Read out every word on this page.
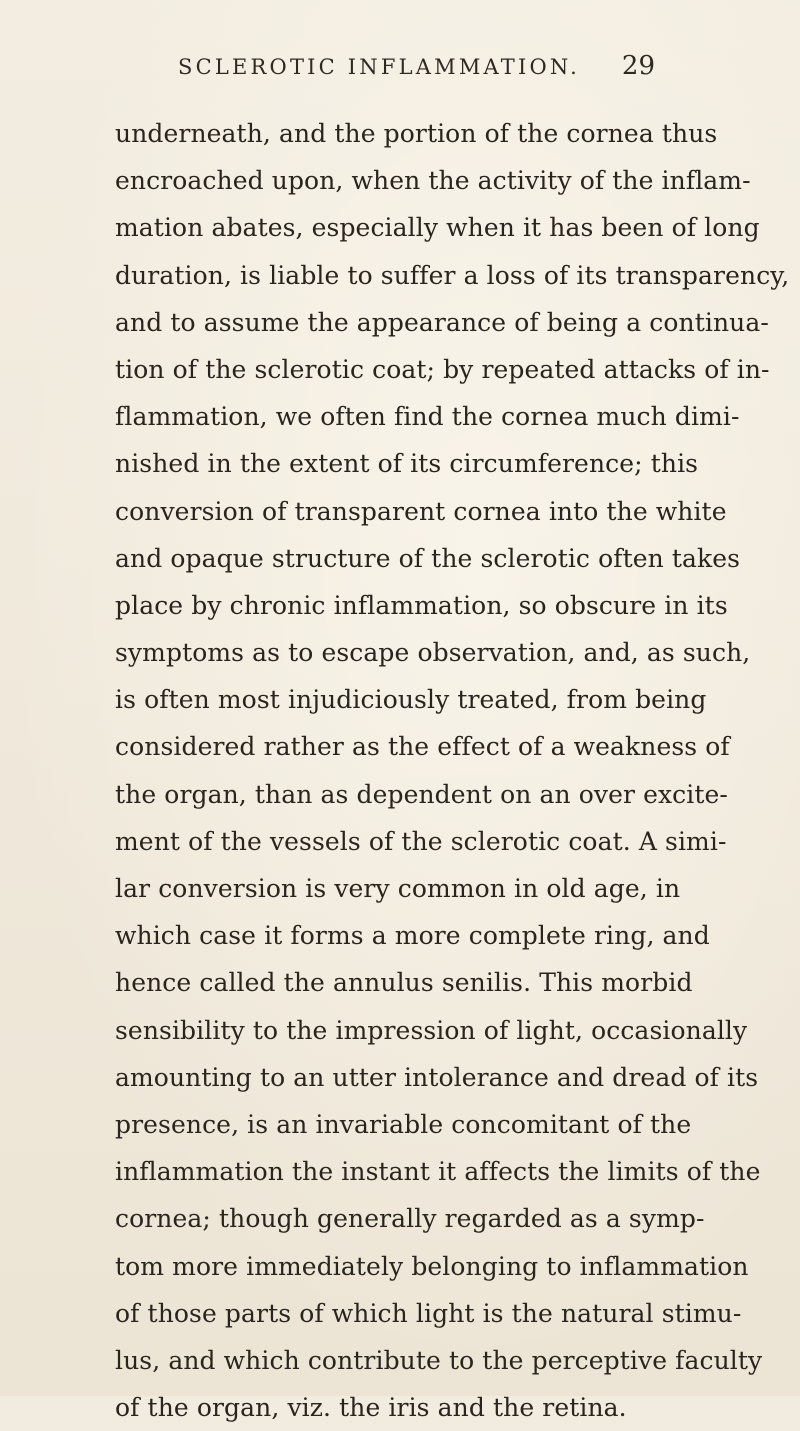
SCLEROTIC INFLAMMATION. 29
underneath, and the portion of the cornea thus
encroached upon, when the activity of the inflam-
mation abates, especially when it has been of long
duration, is liable to suffer a loss of its transparency,
and to assume the appearance of being a continua-
tion of the sclerotic coat; by repeated attacks of in-
flammation, we often find the cornea much dimi-
nished in the extent of its circumference; this
conversion of transparent cornea into the white
and opaque structure of the sclerotic often takes
place by chronic inflammation, so obscure in its
symptoms as to escape observation, and, as such,
is often most injudiciously treated, from being
considered rather as the effect of a weakness of
the organ, than as dependent on an over excite-
ment of the vessels of the sclerotic coat. A simi-
lar conversion is very common in old age, in
which case it forms a more complete ring, and
hence called the annulus senilis. This morbid
sensibility to the impression of light, occasionally
amounting to an utter intolerance and dread of its
presence, is an invariable concomitant of the
inflammation the instant it affects the limits of the
cornea; though generally regarded as a symp-
tom more immediately belonging to inflammation
of those parts of which light is the natural stimu-
lus, and which contribute to the perceptive faculty
of the organ, viz. the iris and the retina.
